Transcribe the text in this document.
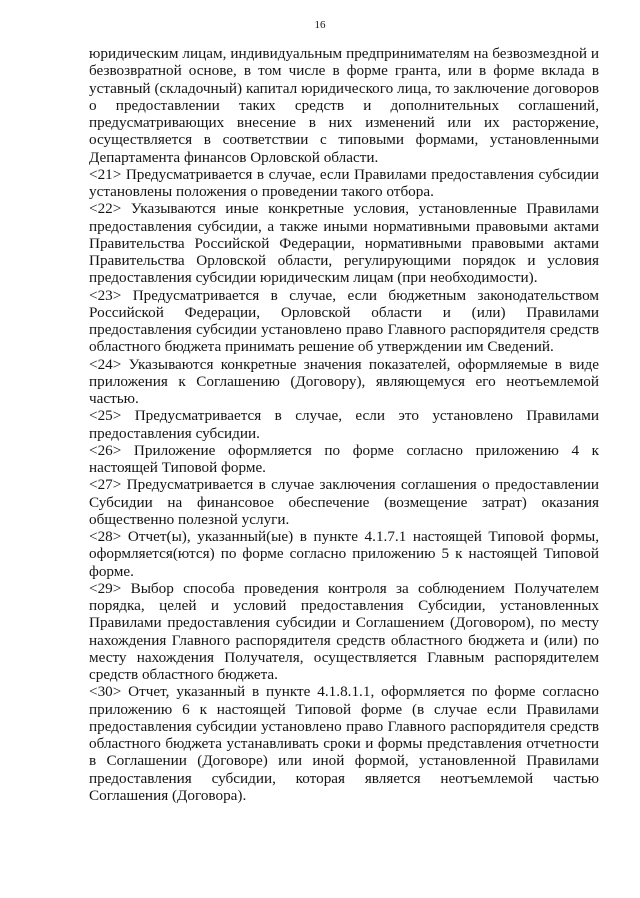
16

юридическим лицам, индивидуальным предпринимателям на безвозмездной и безвозвратной основе, в том числе в форме гранта, или в форме вклада в уставный (складочный) капитал юридического лица, то заключение договоров о предоставлении таких средств и дополнительных соглашений, предусматривающих внесение в них изменений или их расторжение, осуществляется в соответствии с типовыми формами, установленными Департамента финансов Орловской области.

<21> Предусматривается в случае, если Правилами предоставления субсидии установлены положения о проведении такого отбора.

<22> Указываются иные конкретные условия, установленные Правилами предоставления субсидии, а также иными нормативными правовыми актами Правительства Российской Федерации, нормативными правовыми актами Правительства Орловской области, регулирующими порядок и условия предоставления субсидии юридическим лицам (при необходимости).

<23> Предусматривается в случае, если бюджетным законодательством Российской Федерации, Орловской области и (или) Правилами предоставления субсидии установлено право Главного распорядителя средств областного бюджета принимать решение об утверждении им Сведений.

<24> Указываются конкретные значения показателей, оформляемые в виде приложения к Соглашению (Договору), являющемуся его неотъемлемой частью.

<25> Предусматривается в случае, если это установлено Правилами предоставления субсидии.

<26> Приложение оформляется по форме согласно приложению 4 к настоящей Типовой форме.

<27> Предусматривается в случае заключения соглашения о предоставлении Субсидии на финансовое обеспечение (возмещение затрат) оказания общественно полезной услуги.

<28> Отчет(ы), указанный(ые) в пункте 4.1.7.1 настоящей Типовой формы, оформляется(ются) по форме согласно приложению 5 к настоящей Типовой форме.

<29> Выбор способа проведения контроля за соблюдением Получателем порядка, целей и условий предоставления Субсидии, установленных Правилами предоставления субсидии и Соглашением (Договором), по месту нахождения Главного распорядителя средств областного бюджета и (или) по месту нахождения Получателя, осуществляется Главным распорядителем средств областного бюджета.

<30> Отчет, указанный в пункте 4.1.8.1.1, оформляется по форме согласно приложению 6 к настоящей Типовой форме (в случае если Правилами предоставления субсидии установлено право Главного распорядителя средств областного бюджета устанавливать сроки и формы представления отчетности в Соглашении (Договоре) или иной формой, установленной Правилами предоставления субсидии, которая является неотъемлемой частью Соглашения (Договора).
